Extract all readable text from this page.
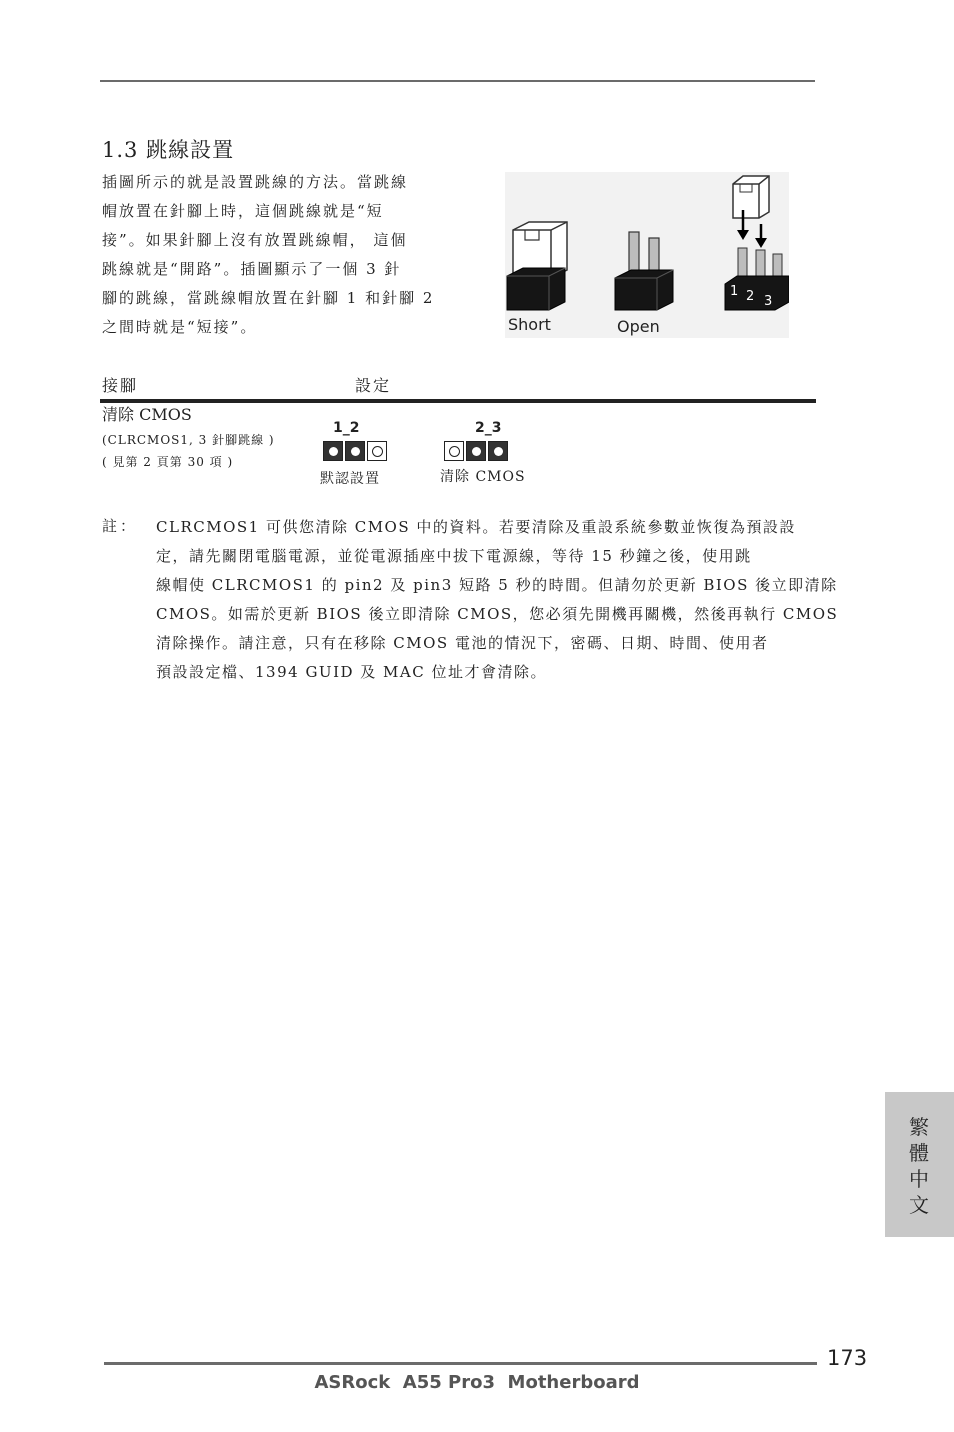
1.3 跳線設置
插圖所示的就是設置跳線的方法。當跳線
帽放置在針腳上時，這個跳線就是“短
接”。如果針腳上沒有放置跳線帽， 這個
跳線就是“開路”。插圖顯示了一個 3 針
腳的跳線，當跳線帽放置在針腳 1 和針腳 2
之間時就是“短接”。	Short	Open
1 2 3
接腳	設定
清除 CMOS
(CLRCMOS1, 3 針腳跳線 )
( 見第 2 頁第 30 項 )
1_2
默認設置
2_3
清除 CMOS
註： CLRCMOS1 可供您清除 CMOS 中的資料。若要清除及重設系統參數並恢復為預設設
定，請先關閉電腦電源，並從電源插座中拔下電源線，等待 15 秒鐘之後，使用跳
線帽使 CLRCMOS1 的 pin2 及 pin3 短路 5 秒的時間。但請勿於更新 BIOS 後立即清除
CMOS。如需於更新 BIOS 後立即清除 CMOS，您必須先開機再關機，然後再執行 CMOS
清除操作。請注意，只有在移除 CMOS 電池的情況下，密碼、日期、時間、使用者
預設設定檔、1394 GUID 及 MAC 位址才會清除。
繁體中文
173
ASRock  A55 Pro3  Motherboard
